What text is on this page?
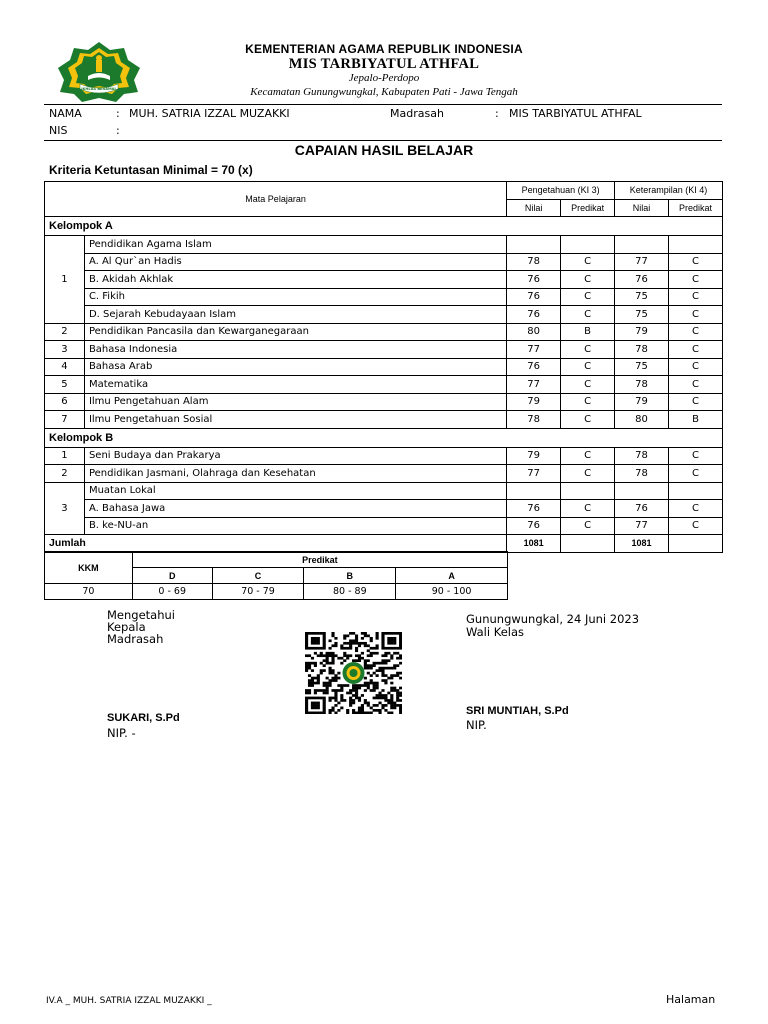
IKHLAS BERAMAL
KEMENTERIAN AGAMA REPUBLIK INDONESIA
MIS TARBIYATUL ATHFAL
Jepalo-Perdopo
Kecamatan Gunungwungkal, Kabupaten Pati - Jawa Tengah
NAMA	: MUH. SATRIA IZZAL MUZAKKI	Madrasah	: MIS TARBIYATUL ATHFAL
NIS	:
CAPAIAN HASIL BELAJAR
Kriteria Ketuntasan Minimal = 70 (x)
Mata Pelajaran		Pengetahuan (KI 3)		Keterampilan (KI 4)	
		Nilai	Predikat	Nilai	Predikat
Kelompok A					
1	Pendidikan Agama Islam				
	A. Al Qur`an Hadis	78	C	77	C
	B. Akidah Akhlak	76	C	76	C
	C. Fikih	76	C	75	C
	D. Sejarah Kebudayaan Islam	76	C	75	C
2	Pendidikan Pancasila dan Kewarganegaraan	80	B	79	C
3	Bahasa Indonesia	77	C	78	C
4	Bahasa Arab	76	C	75	C
5	Matematika	77	C	78	C
6	Ilmu Pengetahuan Alam	79	C	79	C
7	Ilmu Pengetahuan Sosial	78	C	80	B
Kelompok B					
1	Seni Budaya dan Prakarya	79	C	78	C
2	Pendidikan Jasmani, Olahraga dan Kesehatan	77	C	78	C
3	Muatan Lokal				
	A. Bahasa Jawa	76	C	76	C
	B. ke-NU-an	76	C	77	C
Jumlah		1081		1081	
KKM	Predikat			
	D	C	B	A
70	0 - 69	70 - 79	80 - 89	90 - 100
Mengetahui
Kepala
Madrasah
SUKARI, S.Pd
NIP. -
Gunungwungkal, 24 Juni 2023
Wali Kelas
SRI MUNTIAH, S.Pd
NIP.
IV.A _ MUH. SATRIA IZZAL MUZAKKI _	Halaman
